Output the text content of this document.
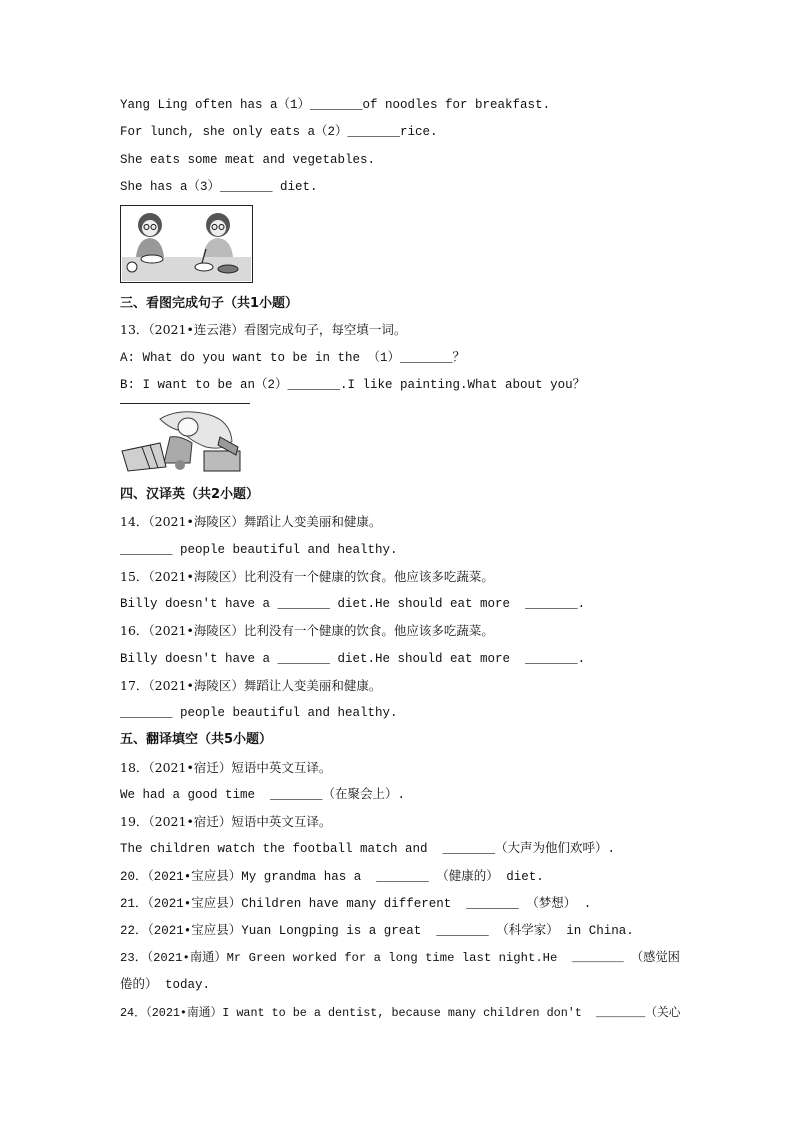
Yang Ling often has a（1）_______of noodles for breakfast.
For lunch, she only eats a（2）_______rice.
She eats some meat and vegetables.
She has a（3）_______ diet.
三、看图完成句子（共1小题）
13．（2021•连云港）看图完成句子，每空填一词。
A: What do you want to be in the （1）_______？
B: I want to be an（2）_______.I like painting.What about you？
四、汉译英（共2小题）
14．（2021•海陵区）舞蹈让人变美丽和健康。
_______ people beautiful and healthy.
15．（2021•海陵区）比利没有一个健康的饮食。他应该多吃蔬菜。
Billy doesn't have a _______ diet.He should eat more  _______.
16．（2021•海陵区）比利没有一个健康的饮食。他应该多吃蔬菜。
Billy doesn't have a _______ diet.He should eat more  _______.
17．（2021•海陵区）舞蹈让人变美丽和健康。
_______ people beautiful and healthy.
五、翻译填空（共5小题）
18．（2021•宿迁）短语中英文互译。
We had a good time  _______（在聚会上）.
19．（2021•宿迁）短语中英文互译。
The children watch the football match and  _______（大声为他们欢呼）.
20．（2021•宝应县）My grandma has a  _______ （健康的） diet.
21．（2021•宝应县）Children have many different  _______ （梦想） .
22．（2021•宝应县）Yuan Longping is a great  _______ （科学家） in China.
23．（2021•南通）Mr Green worked for a long time last night.He  _______ （感觉困
倦的） today.
24．（2021•南通）I want to be a dentist, because many children don't  _______（关心
